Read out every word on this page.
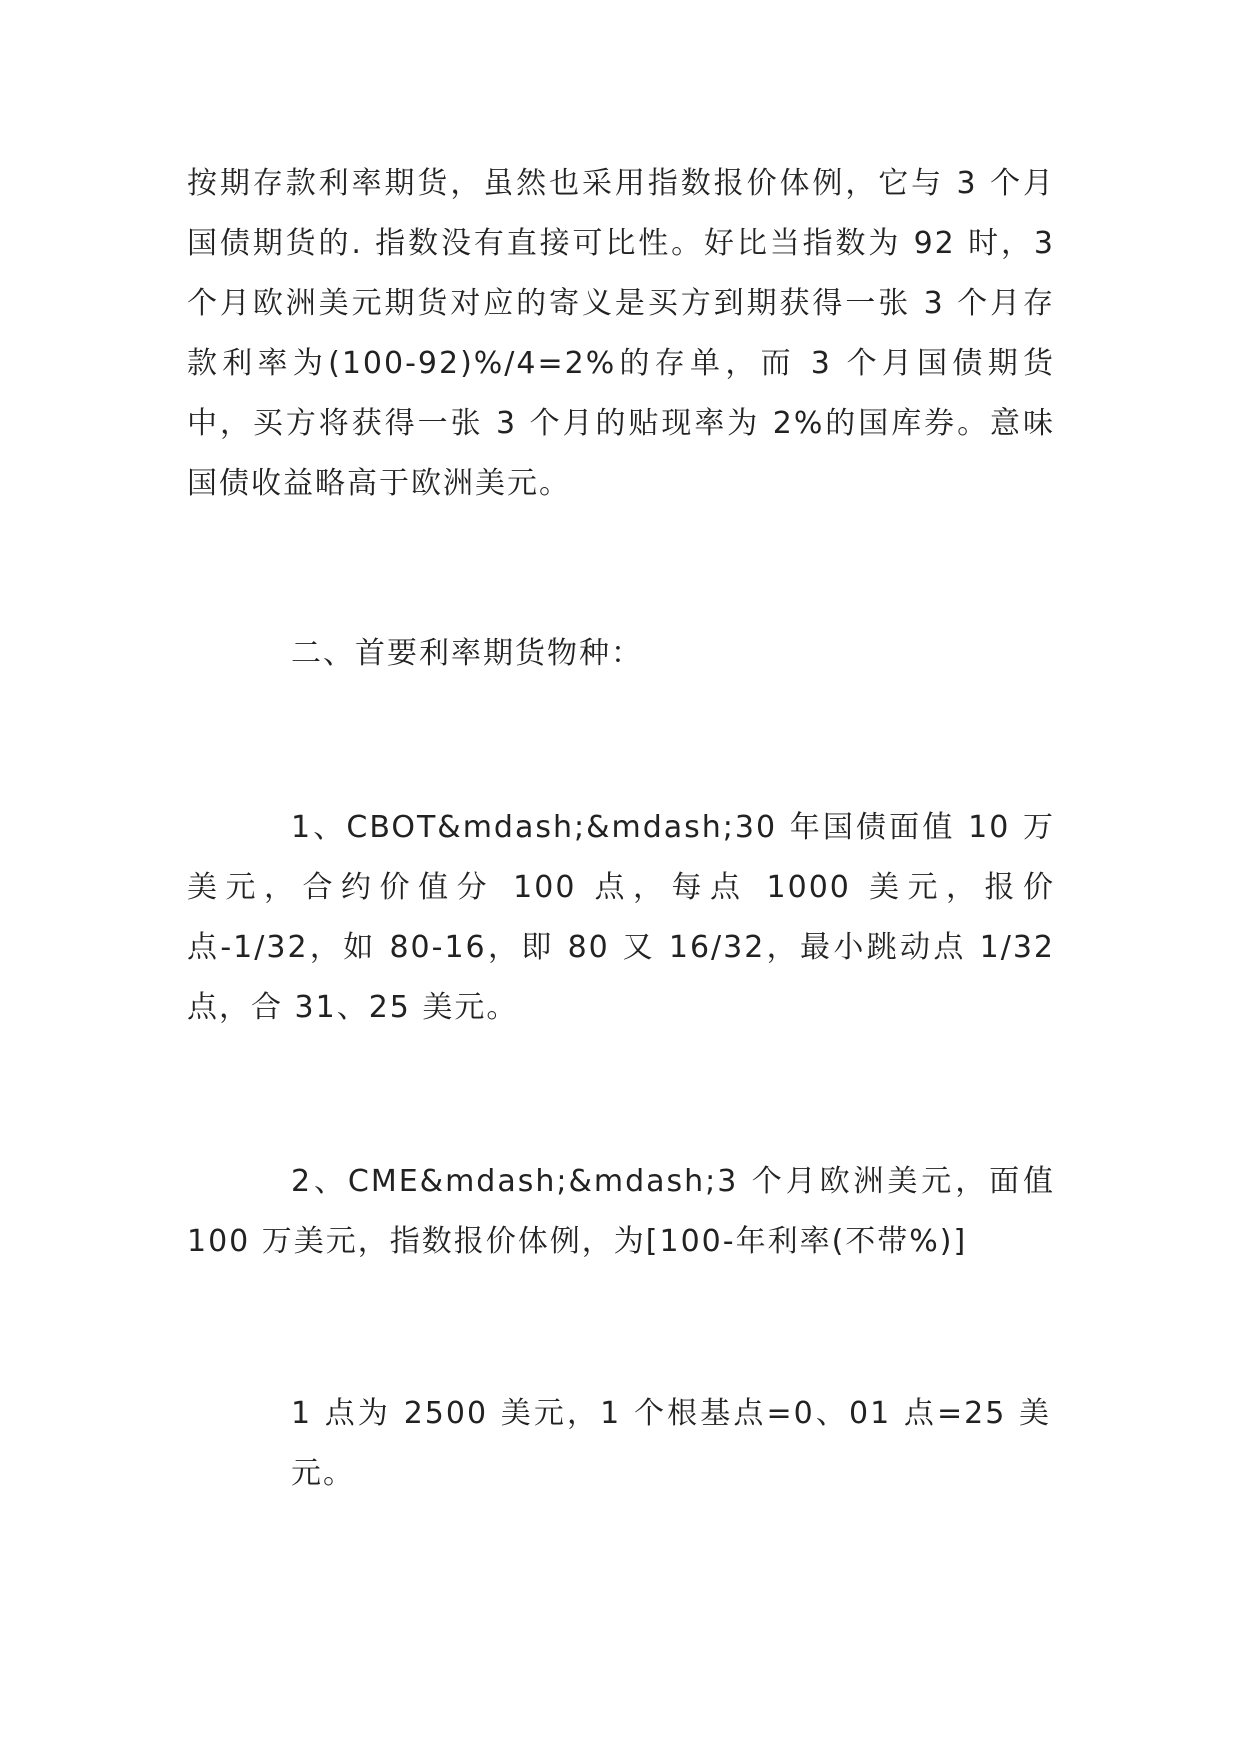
按期存款利率期货，虽然也采用指数报价体例，它与 3 个月国债期货的. 指数没有直接可比性。好比当指数为 92 时，3 个月欧洲美元期货对应的寄义是买方到期获得一张 3 个月存款利率为(100-92)%/4=2%的存单，而 3 个月国债期货中，买方将获得一张 3 个月的贴现率为 2%的国库券。意味国债收益略高于欧洲美元。

二、首要利率期货物种：

1、CBOT&mdash;&mdash;30 年国债面值 10 万美元，合约价值分 100 点，每点 1000 美元，报价点-1/32，如 80-16，即 80 又 16/32，最小跳动点 1/32 点，合 31、25 美元。

2、CME&mdash;&mdash;3 个月欧洲美元，面值 100 万美元，指数报价体例，为[100-年利率(不带%)]

1 点为 2500 美元，1 个根基点=0、01 点=25 美元。
